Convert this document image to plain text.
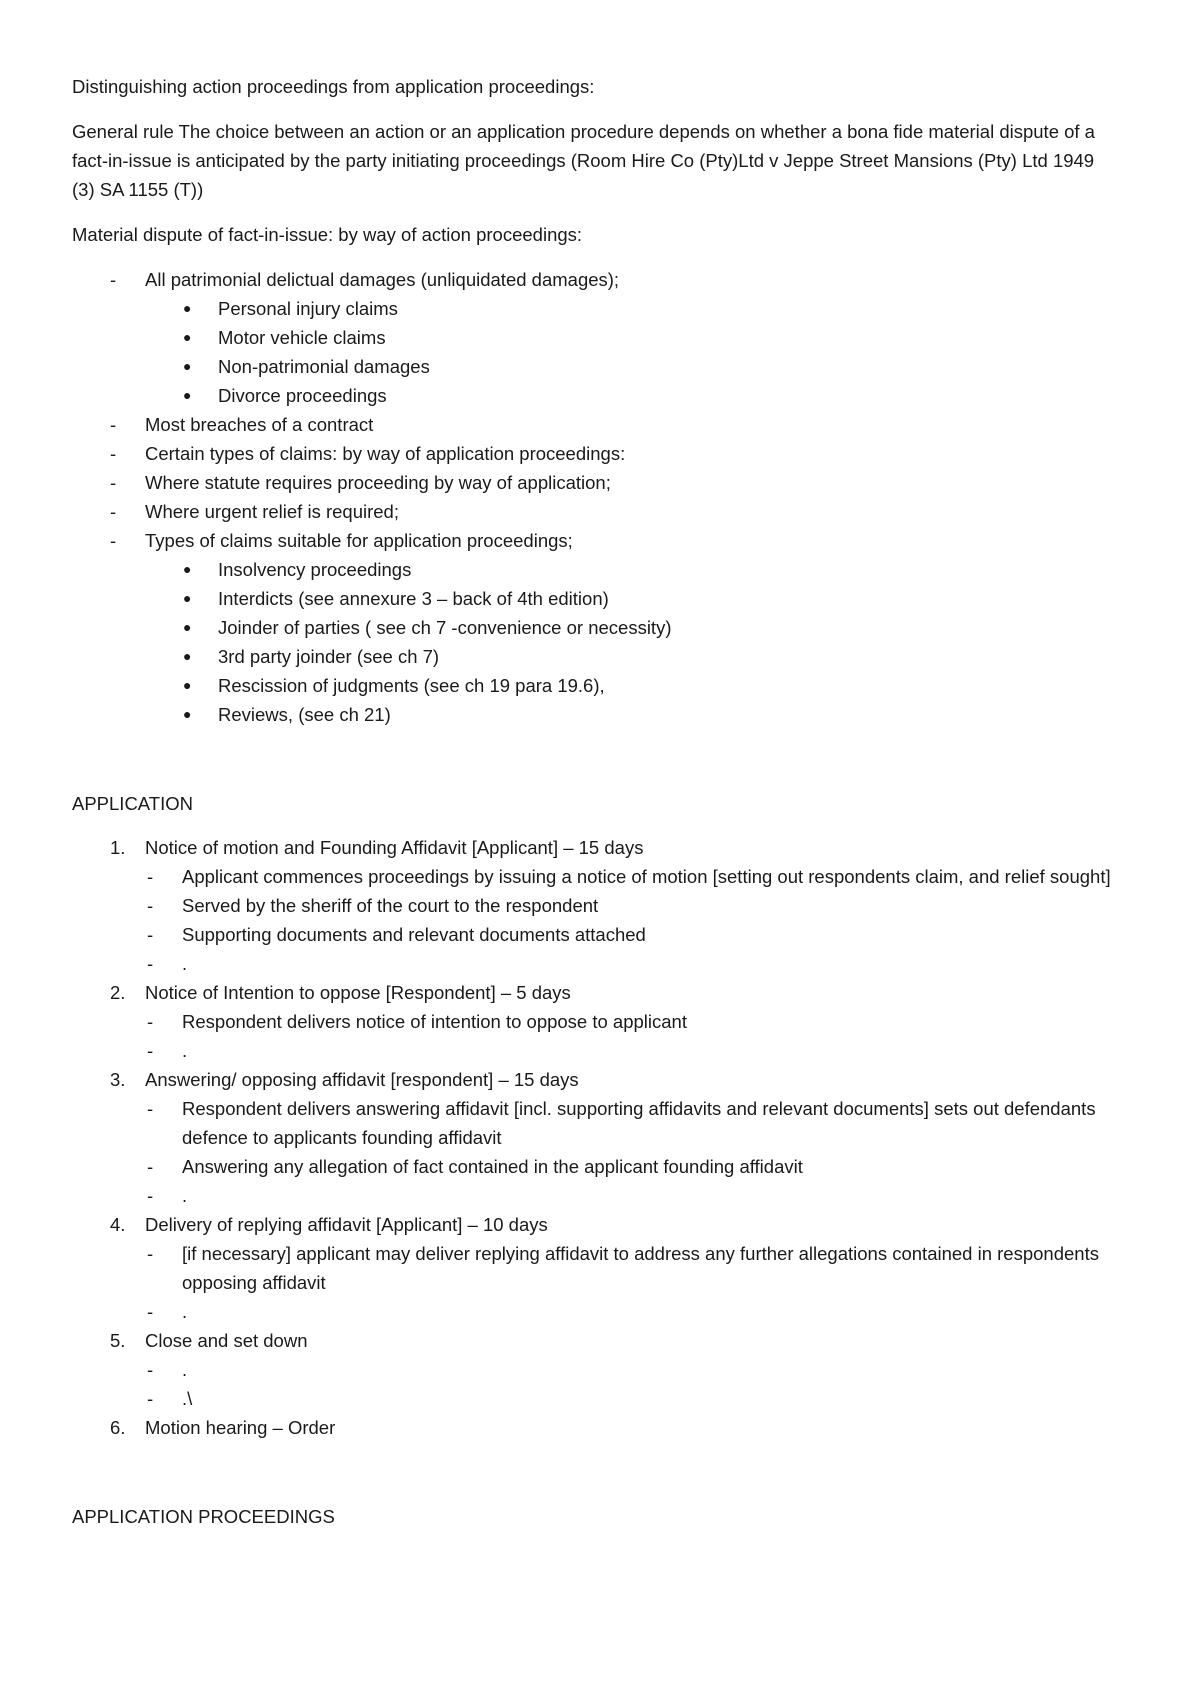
Distinguishing action proceedings from application proceedings:

General rule The choice between an action or an application procedure depends on whether a bona fide material dispute of a fact-in-issue is anticipated by the party initiating proceedings (Room Hire Co (Pty)Ltd v Jeppe Street Mansions (Pty) Ltd 1949 (3) SA 1155 (T))

Material dispute of fact-in-issue: by way of action proceedings:

-	All patrimonial delictual damages (unliquidated damages);
●	Personal injury claims
●	Motor vehicle claims
●	Non-patrimonial damages
●	Divorce proceedings
-	Most breaches of a contract
-	Certain types of claims: by way of application proceedings:
-	Where statute requires proceeding by way of application;
-	Where urgent relief is required;
-	Types of claims suitable for application proceedings;
●	Insolvency proceedings
●	Interdicts (see annexure 3 – back of 4th edition)
●	Joinder of parties ( see ch 7 -convenience or necessity)
●	3rd party joinder (see ch 7)
●	Rescission of judgments (see ch 19 para 19.6),
●	Reviews, (see ch 21)

APPLICATION

1.	Notice of motion and Founding Affidavit [Applicant] – 15 days
-	Applicant commences proceedings by issuing a notice of motion [setting out respondents claim, and relief sought]
-	Served by the sheriff of the court to the respondent
-	Supporting documents and relevant documents attached
-	.
2.	Notice of Intention to oppose [Respondent] – 5 days
-	Respondent delivers notice of intention to oppose to applicant
-	.
3.	Answering/ opposing affidavit [respondent] – 15 days
-	Respondent delivers answering affidavit [incl. supporting affidavits and relevant documents] sets out defendants defence to applicants founding affidavit
-	Answering any allegation of fact contained in the applicant founding affidavit
-	.
4.	Delivery of replying affidavit [Applicant] – 10 days
-	[if necessary] applicant may deliver replying affidavit to address any further allegations contained in respondents opposing affidavit
-	.
5.	Close and set down
-	.
-	.\
6.	Motion hearing – Order

APPLICATION PROCEEDINGS
